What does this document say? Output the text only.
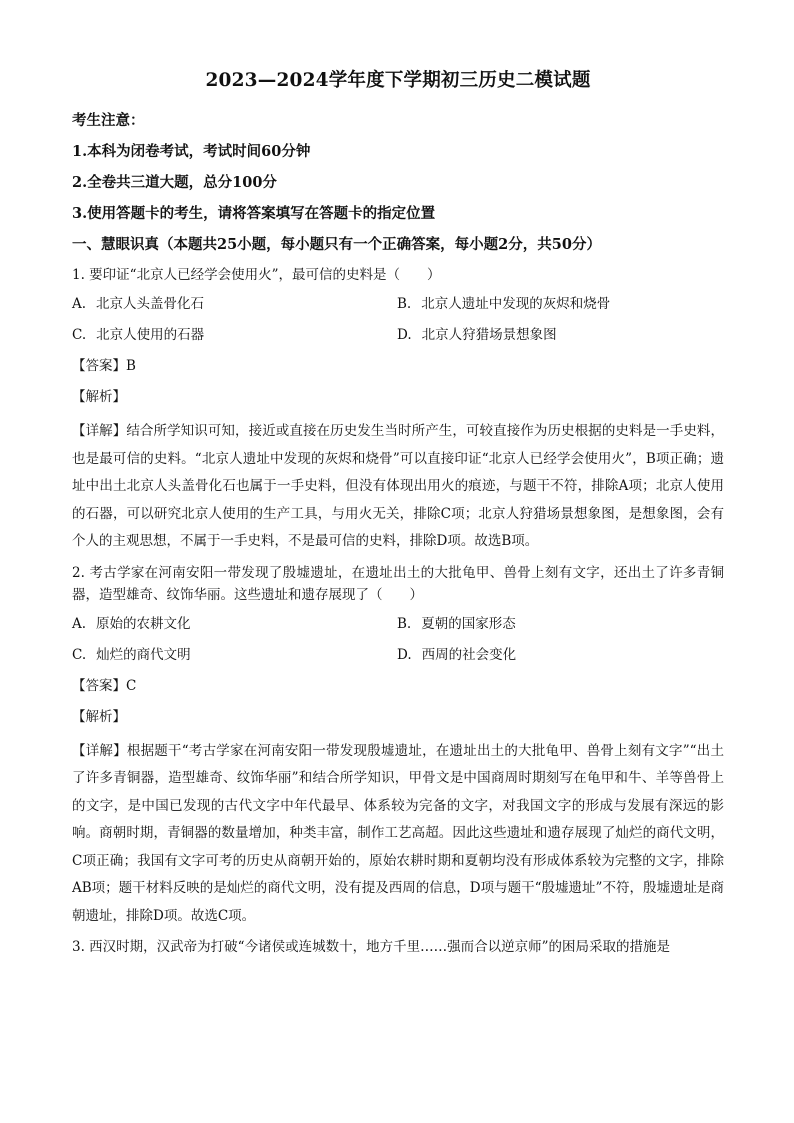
2023—2024学年度下学期初三历史二模试题
考生注意：
1.本科为闭卷考试，考试时间60分钟
2.全卷共三道大题，总分100分
3.使用答题卡的考生，请将答案填写在答题卡的指定位置
一、慧眼识真（本题共25小题，每小题只有一个正确答案，每小题2分，共50分）
1. 要印证“北京人已经学会使用火”，最可信的史料是（　　）
A. 北京人头盖骨化石	B. 北京人遗址中发现的灰烬和烧骨
C. 北京人使用的石器	D. 北京人狩猎场景想象图
【答案】B
【解析】
【详解】结合所学知识可知，接近或直接在历史发生当时所产生，可较直接作为历史根据的史料是一手史料，也是最可信的史料。“北京人遗址中发现的灰烬和烧骨”可以直接印证“北京人已经学会使用火”，B项正确；遗址中出土北京人头盖骨化石也属于一手史料，但没有体现出用火的痕迹，与题干不符，排除A项；北京人使用的石器，可以研究北京人使用的生产工具，与用火无关，排除C项；北京人狩猎场景想象图，是想象图，会有个人的主观思想，不属于一手史料，不是最可信的史料，排除D项。故选B项。
2. 考古学家在河南安阳一带发现了殷墟遗址，在遗址出土的大批龟甲、兽骨上刻有文字，还出土了许多青铜器，造型雄奇、纹饰华丽。这些遗址和遗存展现了（　　）
A. 原始的农耕文化	B. 夏朝的国家形态
C. 灿烂的商代文明	D. 西周的社会变化
【答案】C
【解析】
【详解】根据题干“考古学家在河南安阳一带发现殷墟遗址，在遗址出土的大批龟甲、兽骨上刻有文字”“出土了许多青铜器，造型雄奇、纹饰华丽”和结合所学知识，甲骨文是中国商周时期刻写在龟甲和牛、羊等兽骨上的文字，是中国已发现的古代文字中年代最早、体系较为完备的文字，对我国文字的形成与发展有深远的影响。商朝时期，青铜器的数量增加，种类丰富，制作工艺高超。因此这些遗址和遗存展现了灿烂的商代文明，C项正确；我国有文字可考的历史从商朝开始的，原始农耕时期和夏朝均没有形成体系较为完整的文字，排除AB项；题干材料反映的是灿烂的商代文明，没有提及西周的信息，D项与题干“殷墟遗址”不符，殷墟遗址是商朝遗址，排除D项。故选C项。
3. 西汉时期，汉武帝为打破“今诸侯或连城数十，地方千里……强而合以逆京师”的困局采取的措施是
